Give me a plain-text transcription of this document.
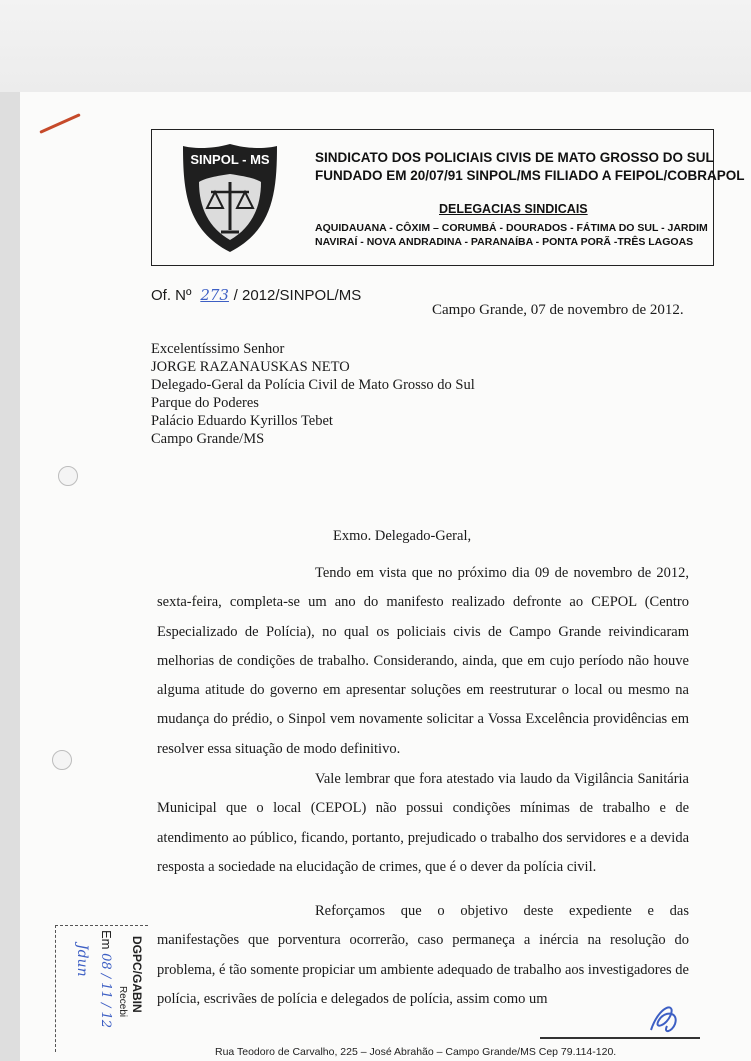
SINPOL - MS	SINDICATO DOS POLICIAIS CIVIS DE MATO GROSSO DO SUL
FUNDADO EM 20/07/91 SINPOL/MS FILIADO A FEIPOL/COBRAPOL
DELEGACIAS SINDICAIS
AQUIDAUANA - CÔXIM – CORUMBÁ - DOURADOS - FÁTIMA DO SUL - JARDIM
NAVIRAÍ - NOVA ANDRADINA - PARANAÍBA - PONTA PORÃ -TRÊS LAGOAS
Of. Nº 273 / 2012/SINPOL/MS
Campo Grande, 07 de novembro de 2012.
Excelentíssimo Senhor
JORGE RAZANAUSKAS NETO
Delegado-Geral da Polícia Civil de Mato Grosso do Sul
Parque do Poderes
Palácio Eduardo Kyrillos Tebet
Campo Grande/MS
Exmo. Delegado-Geral,
Tendo em vista que no próximo dia 09 de novembro de 2012, sexta-feira, completa-se um ano do manifesto realizado defronte ao CEPOL (Centro Especializado de Polícia), no qual os policiais civis de Campo Grande reivindicaram melhorias de condições de trabalho. Considerando, ainda, que em cujo período não houve alguma atitude do governo em apresentar soluções em reestruturar o local ou mesmo na mudança do prédio, o Sinpol vem novamente solicitar a Vossa Excelência providências em resolver essa situação de modo definitivo.
Vale lembrar que fora atestado via laudo da Vigilância Sanitária Municipal que o local (CEPOL) não possui condições mínimas de trabalho e de atendimento ao público, ficando, portanto, prejudicado o trabalho dos servidores e a devida resposta a sociedade na elucidação de crimes, que é o dever da polícia civil.
Reforçamos que o objetivo deste expediente e das manifestações que porventura ocorrerão, caso permaneça a inércia na resolução do problema, é tão somente propiciar um ambiente adequado de trabalho aos investigadores de polícia, escrivães de polícia e delegados de polícia, assim como um
DGPC/GABIN
Recebi
Em 08 / 11 / 12
Jdun
Rua Teodoro de Carvalho, 225 – José Abrahão – Campo Grande/MS Cep 79.114-120.
